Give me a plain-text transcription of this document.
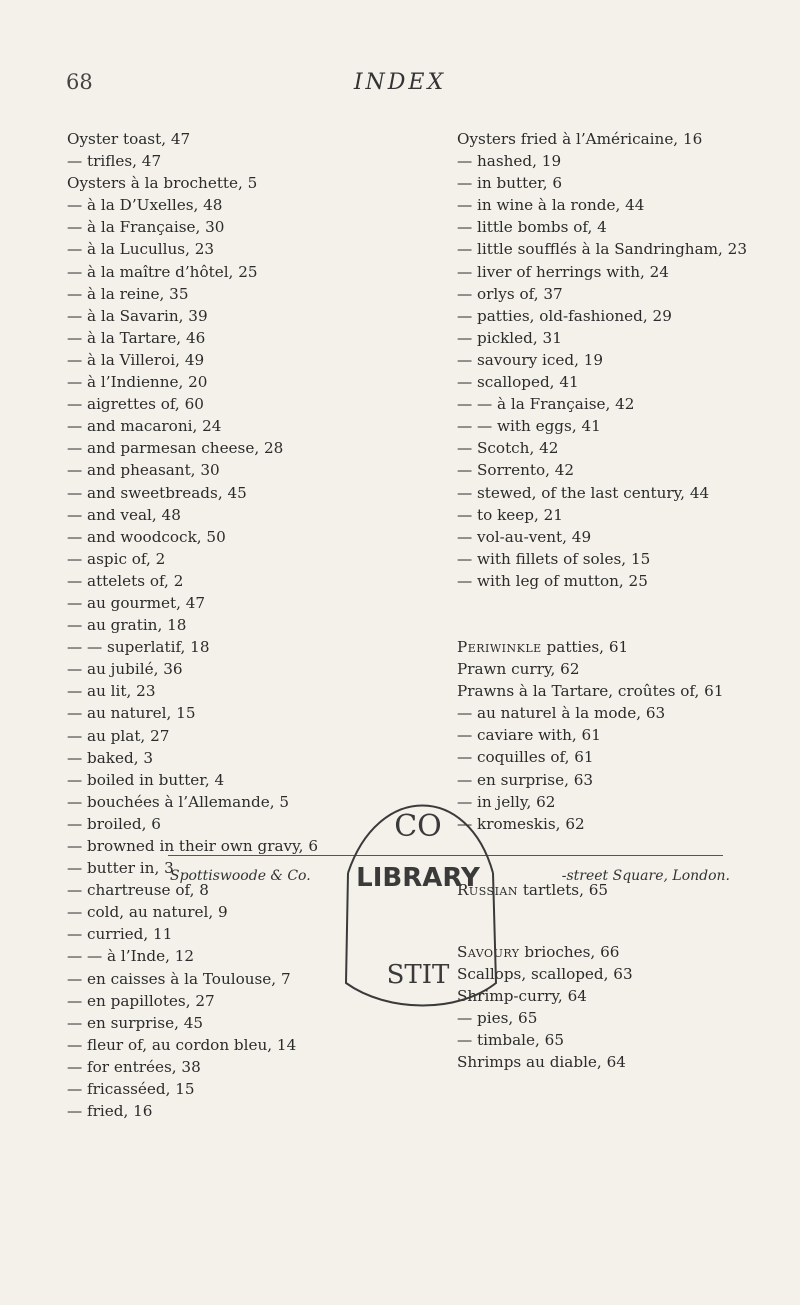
68	INDEX

Oyster toast, 47

— trifles, 47

Oysters à la brochette, 5

— à la D’Uxelles, 48

— à la Française, 30

— à la Lucullus, 23

— à la maître d’hôtel, 25

— à la reine, 35

— à la Savarin, 39

— à la Tartare, 46

— à la Villeroi, 49

— à l’Indienne, 20

— aigrettes of, 60

— and macaroni, 24

— and parmesan cheese, 28

— and pheasant, 30

— and sweetbreads, 45

— and veal, 48

— and woodcock, 50

— aspic of, 2

— attelets of, 2

— au gourmet, 47

— au gratin, 18

— — superlatif, 18

— au jubilé, 36

— au lit, 23

— au naturel, 15

— au plat, 27

— baked, 3

— boiled in butter, 4

— bouchées à l’Allemande, 5

— broiled, 6

— browned in their own gravy, 6

— butter in, 3

— chartreuse of, 8

— cold, au naturel, 9

— curried, 11

— — à l’Inde, 12

— en caisses à la Toulouse, 7

— en papillotes, 27

— en surprise, 45

— fleur of, au cordon bleu, 14

— for entrées, 38

— fricasséed, 15

— fried, 16

Oysters fried à l’Américaine, 16

— hashed, 19

— in butter, 6

— in wine à la ronde, 44

— little bombs of, 4

— little soufflés à la Sandringham, 23

— liver of herrings with, 24

— orlys of, 37

— patties, old-fashioned, 29

— pickled, 31

— savoury iced, 19

— scalloped, 41

— — à la Française, 42

— — with eggs, 41

— Scotch, 42

— Sorrento, 42

— stewed, of the last century, 44

— to keep, 21

— vol-au-vent, 49

— with fillets of soles, 15

— with leg of mutton, 25

Periwinkle patties, 61

Prawn curry, 62

Prawns à la Tartare, croûtes of, 61

— au naturel à la mode, 63

— caviare with, 61

— coquilles of, 61

— en surprise, 63

— in jelly, 62

— kromeskis, 62

Russian tartlets, 65

Savoury brioches, 66

Scallops, scalloped, 63

Shrimp-curry, 64

— pies, 65

— timbale, 65

Shrimps au diable, 64

Spottiswoode & Co.	-street Square, London.
CO
LIBRARY
STIT
